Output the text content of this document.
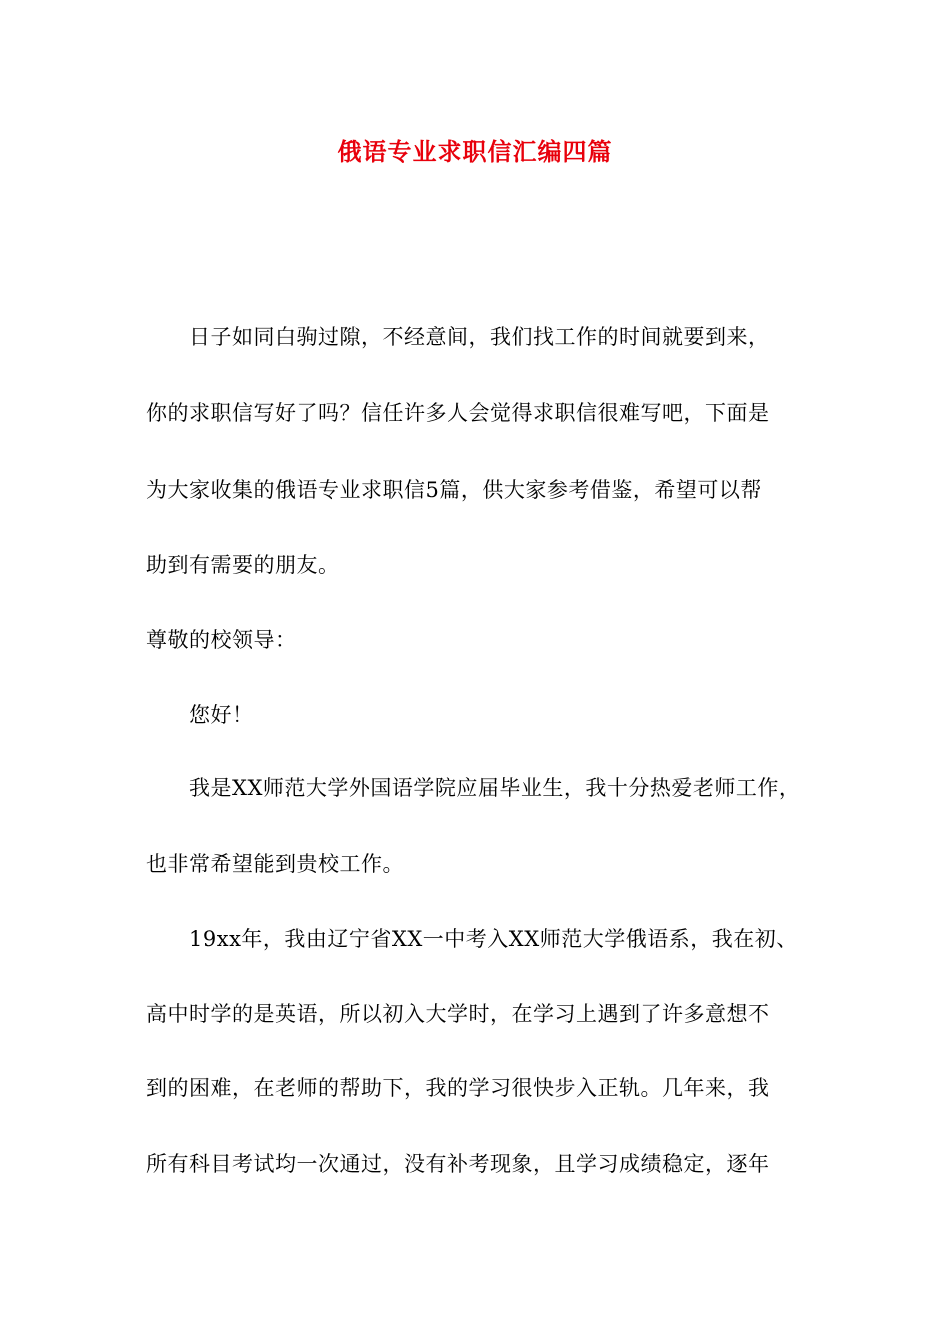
俄语专业求职信汇编四篇
日子如同白驹过隙，不经意间，我们找工作的时间就要到来，
你的求职信写好了吗？信任许多人会觉得求职信很难写吧，下面是
为大家收集的俄语专业求职信5篇，供大家参考借鉴，希望可以帮
助到有需要的朋友。
尊敬的校领导：
您好！
我是XX师范大学外国语学院应届毕业生，我十分热爱老师工作，
也非常希望能到贵校工作。
19xx年，我由辽宁省XX一中考入XX师范大学俄语系，我在初、
高中时学的是英语，所以初入大学时，在学习上遇到了许多意想不
到的困难，在老师的帮助下，我的学习很快步入正轨。几年来，我
所有科目考试均一次通过，没有补考现象，且学习成绩稳定，逐年
